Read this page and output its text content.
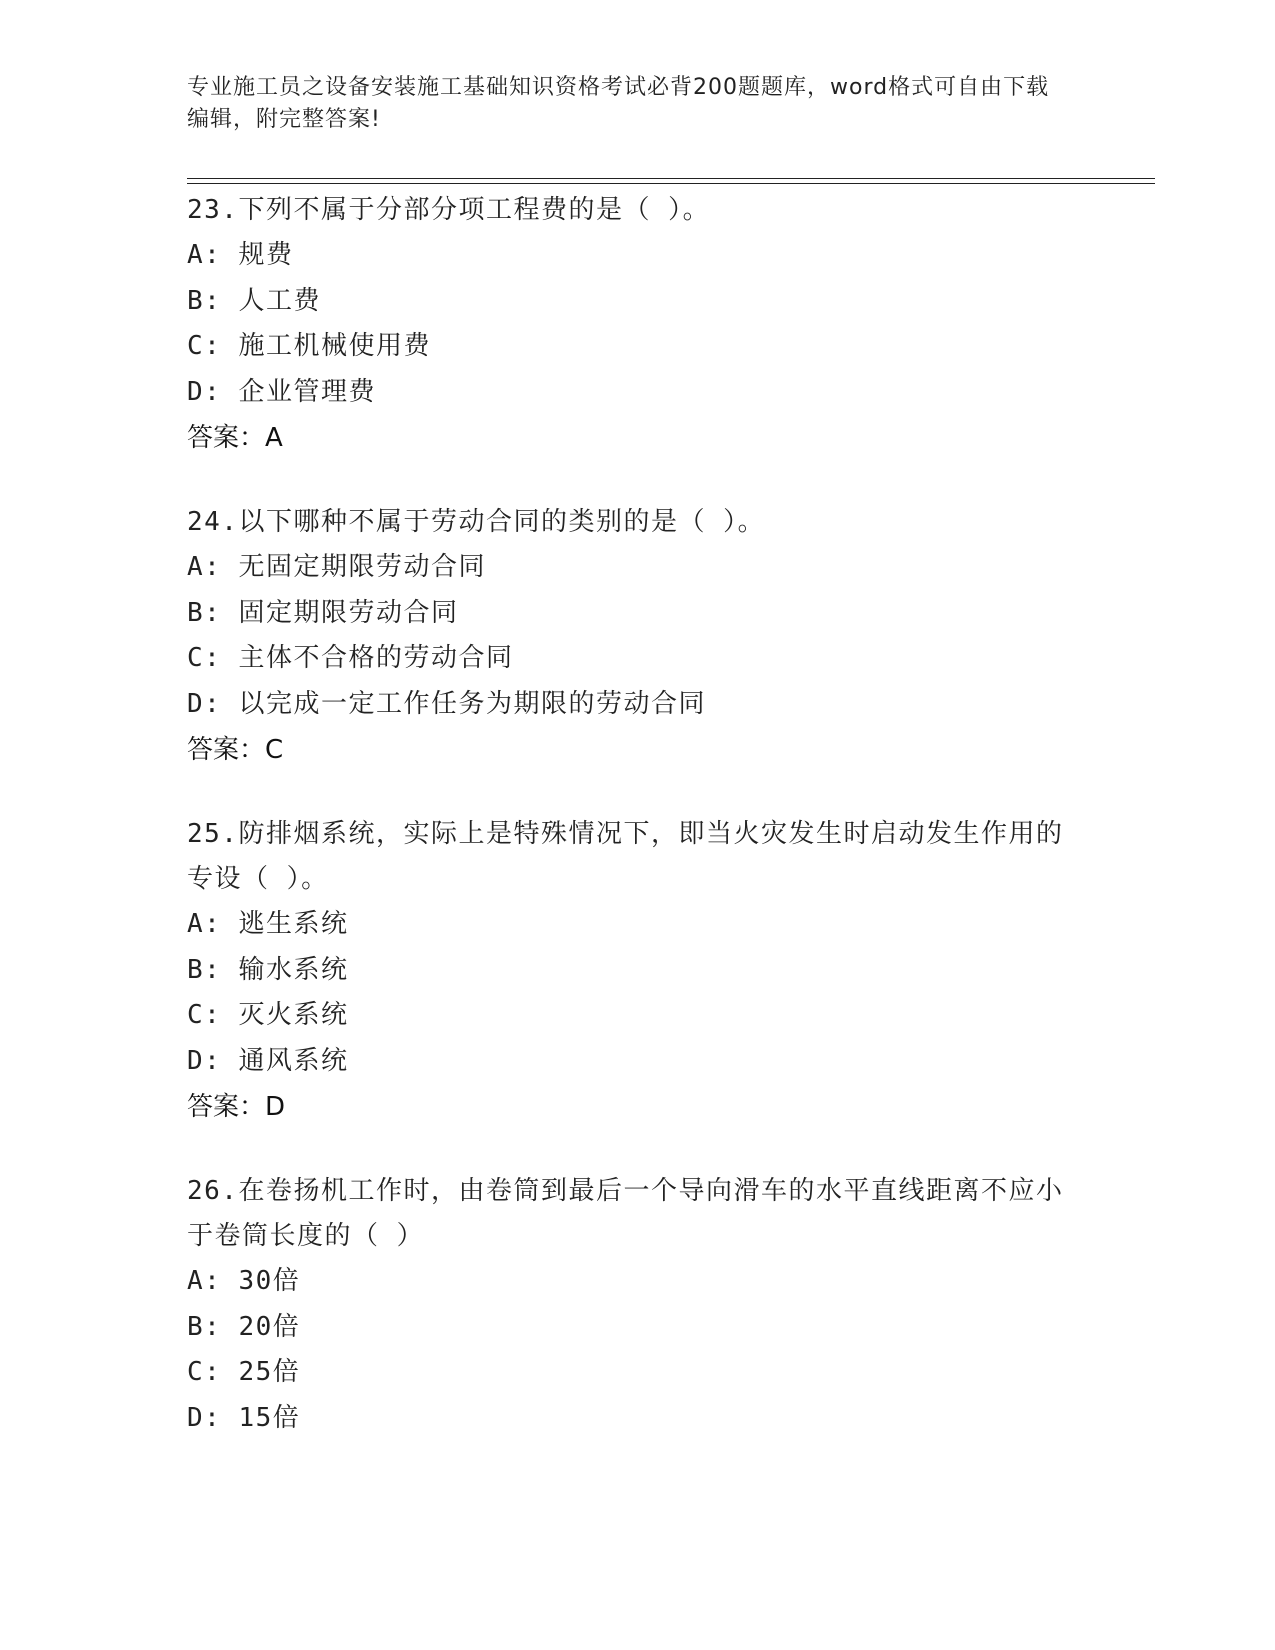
专业施工员之设备安装施工基础知识资格考试必背200题题库，word格式可自由下载编辑，附完整答案!
23.下列不属于分部分项工程费的是（ ）。
A: 规费
B: 人工费
C: 施工机械使用费
D: 企业管理费
答案：A
24.以下哪种不属于劳动合同的类别的是（ ）。
A: 无固定期限劳动合同
B: 固定期限劳动合同
C: 主体不合格的劳动合同
D: 以完成一定工作任务为期限的劳动合同
答案：C
25.防排烟系统，实际上是特殊情况下，即当火灾发生时启动发生作用的专设（ ）。
A: 逃生系统
B: 输水系统
C: 灭火系统
D: 通风系统
答案：D
26.在卷扬机工作时，由卷筒到最后一个导向滑车的水平直线距离不应小于卷筒长度的（ ）
A: 30倍
B: 20倍
C: 25倍
D: 15倍
